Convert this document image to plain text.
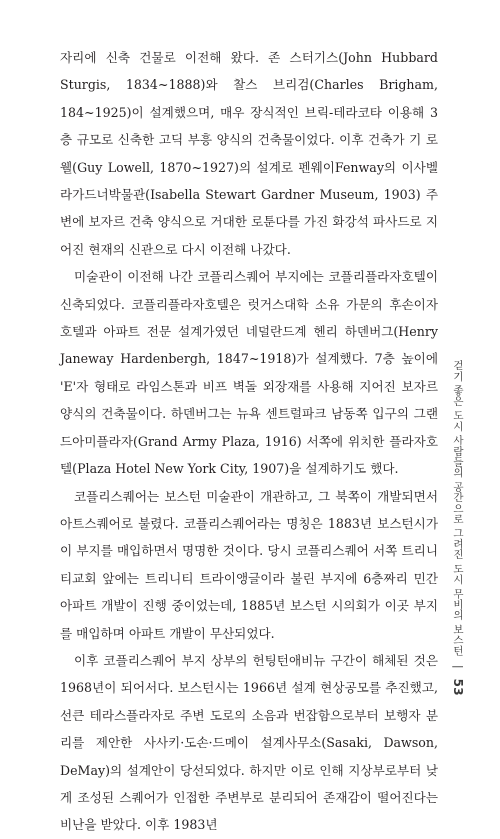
자리에 신축 건물로 이전해 왔다. 존 스터기스(John Hubbard Sturgis, 1834~1888)와 찰스 브리검(Charles Brigham, 184~1925)이 설계했으며, 매우 장식적인 브릭-테라코타 이용해 3층 규모로 신축한 고딕 부흥 양식의 건축물이었다. 이후 건축가 기 로웰(Guy Lowell, 1870~1927)의 설계로 펜웨이Fenway의 이사벨라가드너박물관(Isabella Stewart Gardner Museum, 1903) 주변에 보자르 건축 양식으로 거대한 로툰다를 가진 화강석 파사드로 지어진 현재의 신관으로 다시 이전해 나갔다.

미술관이 이전해 나간 코플리스퀘어 부지에는 코플리플라자호텔이 신축되었다. 코플리플라자호텔은 럿거스대학 소유 가문의 후손이자 호텔과 아파트 전문 설계가였던 네덜란드계 헨리 하덴버그(Henry Janeway Hardenbergh, 1847~1918)가 설계했다. 7층 높이에 'E'자 형태로 라임스톤과 비프 벽돌 외장재를 사용해 지어진 보자르 양식의 건축물이다. 하덴버그는 뉴욕 센트럴파크 남동쪽 입구의 그랜드아미플라자(Grand Army Plaza, 1916) 서쪽에 위치한 플라자호텔(Plaza Hotel New York City, 1907)을 설계하기도 했다.

코플리스퀘어는 보스턴 미술관이 개관하고, 그 북쪽이 개발되면서 아트스퀘어로 불렸다. 코플리스퀘어라는 명칭은 1883년 보스턴시가 이 부지를 매입하면서 명명한 것이다. 당시 코플리스퀘어 서쪽 트리니티교회 앞에는 트리니티 트라이앵글이라 불린 부지에 6층짜리 민간 아파트 개발이 진행 중이었는데, 1885년 보스턴 시의회가 이곳 부지를 매입하며 아파트 개발이 무산되었다.

이후 코플리스퀘어 부지 상부의 헌팅턴애비뉴 구간이 해체된 것은 1968년이 되어서다. 보스턴시는 1966년 설계 현상공모를 추진했고, 선큰 테라스플라자로 주변 도로의 소음과 번잡함으로부터 보행자 분리를 제안한 사사키·도손·드메이 설계사무소(Sasaki, Dawson, DeMay)의 설계안이 당선되었다. 하지만 이로 인해 지상부로부터 낮게 조성된 스퀘어가 인접한 주변부로 분리되어 존재감이 떨어진다는 비난을 받았다. 이후 1983년

걷기 좋은 도시 사람들의 공간으로 그려진 도시 무비의 보스턴 | 53
